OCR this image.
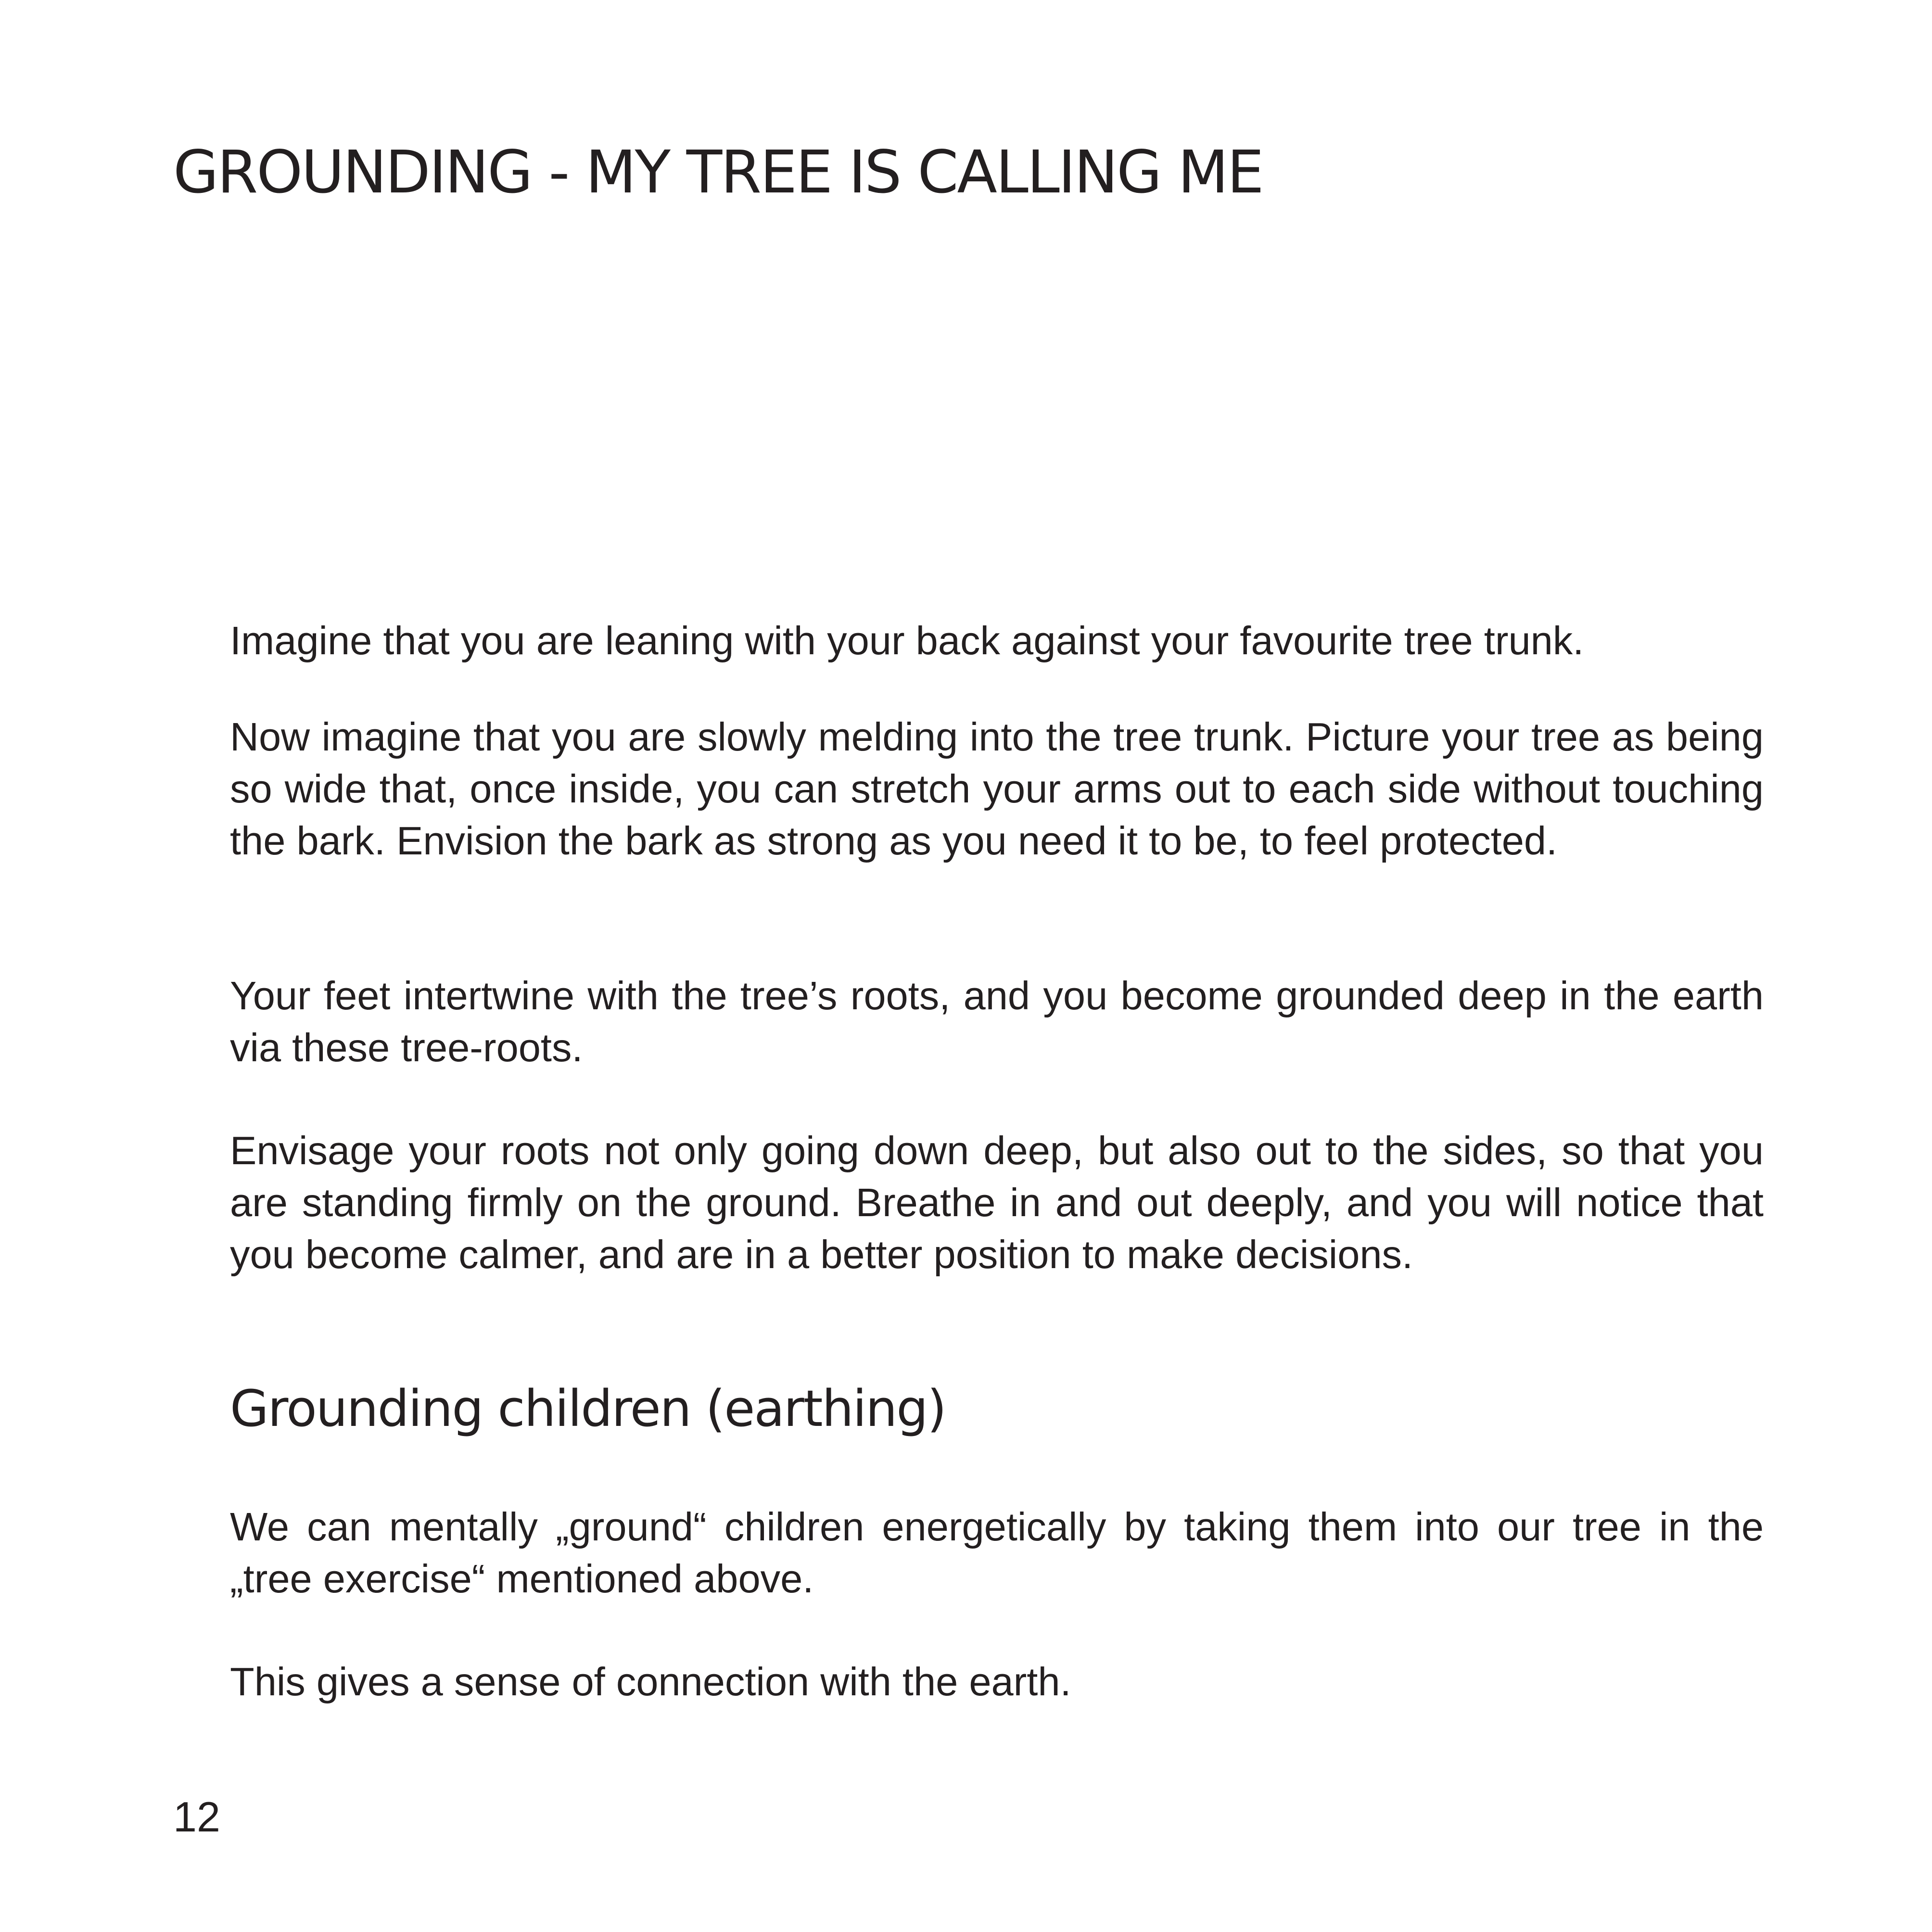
GROUNDING - MY TREE IS CALLING ME

Imagine that you are leaning with your back against your favourite tree trunk.

Now imagine that you are slowly melding into the tree trunk. Picture your tree as being so wide that, once inside, you can stretch your arms out to each side without touching the bark. Envision the bark as strong as you need it to be, to feel protected.

Your feet intertwine with the tree’s roots, and you become grounded deep in the earth via these tree-roots.

Envisage your roots not only going down deep, but also out to the sides, so that you are standing firmly on the ground. Breathe in and out deeply, and you will notice that you become calmer, and are in a better position to make decisions.

Grounding children (earthing)

We can mentally „ground“ children energetically by taking them into our tree in the „tree exercise“ mentioned above.

This gives a sense of connection with the earth.

12
